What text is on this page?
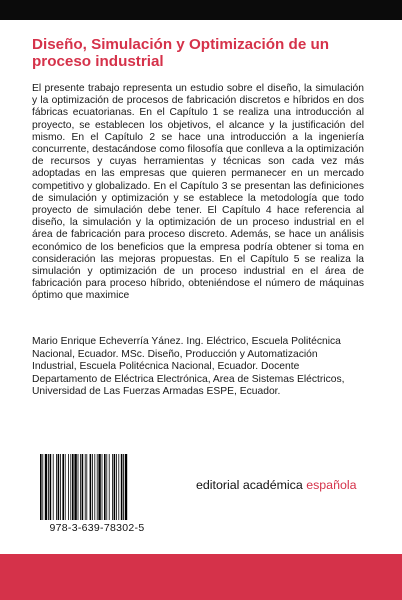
Diseño, Simulación y Optimización de un proceso industrial

El presente trabajo representa un estudio sobre el diseño, la simulación y la optimización de procesos de fabricación discretos e híbridos en dos fábricas ecuatorianas. En el Capítulo 1 se realiza una introducción al proyecto, se establecen los objetivos, el alcance y la justificación del mismo. En el Capítulo 2 se hace una introducción a la ingeniería concurrente, destacándose como filosofía que conlleva a la optimización de recursos y cuyas herramientas y técnicas son cada vez más adoptadas en las empresas que quieren permanecer en un mercado competitivo y globalizado. En el Capítulo 3 se presentan las definiciones de simulación y optimización y se establece la metodología que todo proyecto de simulación debe tener. El Capítulo 4 hace referencia al diseño, la simulación y la optimización de un proceso industrial en el área de fabricación para proceso discreto. Además, se hace un análisis económico de los beneficios que la empresa podría obtener si toma en consideración las mejoras propuestas. En el Capítulo 5 se realiza la simulación y optimización de un proceso industrial en el área de fabricación para proceso híbrido, obteniéndose el número de máquinas óptimo que maximice

Mario Enrique Echeverría Yánez. Ing. Eléctrico, Escuela Politécnica Nacional, Ecuador. MSc. Diseño, Producción y Automatización Industrial, Escuela Politécnica Nacional, Ecuador. Docente Departamento de Eléctrica Electrónica, Area de Sistemas Eléctricos, Universidad de Las Fuerzas Armadas ESPE, Ecuador.

978-3-639-78302-5
editorial académica española
